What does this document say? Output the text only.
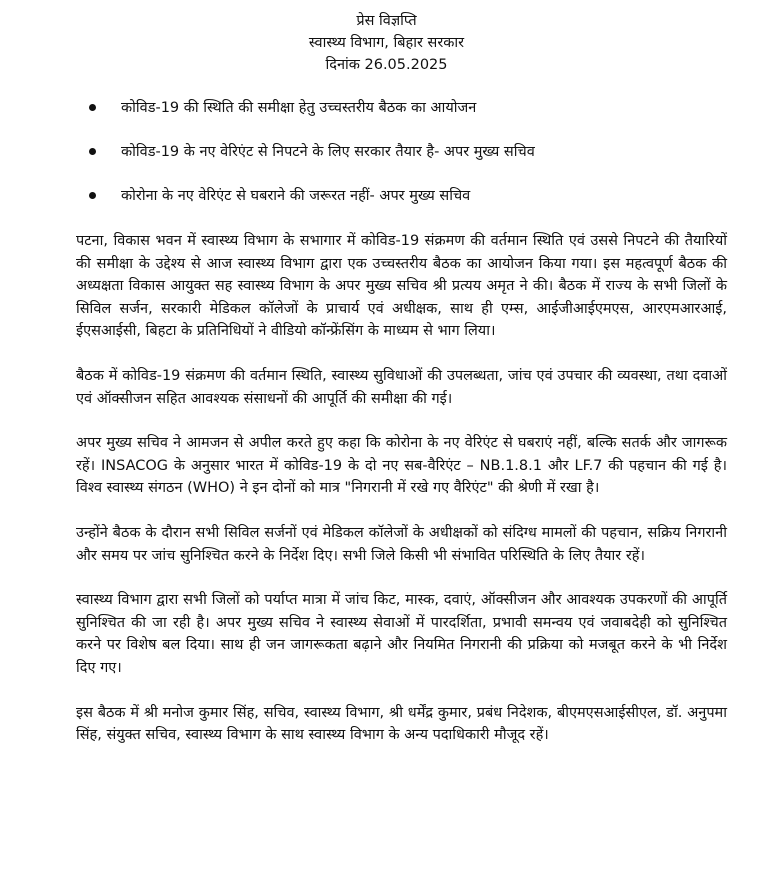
प्रेस विज्ञप्ति
स्वास्थ्य विभाग, बिहार सरकार
दिनांक 26.05.2025
कोविड-19 की स्थिति की समीक्षा हेतु उच्चस्तरीय बैठक का आयोजन
कोविड-19 के नए वेरिएंट से निपटने के लिए सरकार तैयार है- अपर मुख्य सचिव
कोरोना के नए वेरिएंट से घबराने की जरूरत नहीं- अपर मुख्य सचिव

पटना, विकास भवन में स्वास्थ्य विभाग के सभागार में कोविड-19 संक्रमण की वर्तमान स्थिति एवं उससे निपटने की तैयारियों की समीक्षा के उद्देश्य से आज स्वास्थ्य विभाग द्वारा एक उच्चस्तरीय बैठक का आयोजन किया गया। इस महत्वपूर्ण बैठक की अध्यक्षता विकास आयुक्त सह स्वास्थ्य विभाग के अपर मुख्य सचिव श्री प्रत्यय अमृत ने की। बैठक में राज्य के सभी जिलों के सिविल सर्जन, सरकारी मेडिकल कॉलेजों के प्राचार्य एवं अधीक्षक, साथ ही एम्स, आईजीआईएमएस, आरएमआरआई, ईएसआईसी, बिहटा के प्रतिनिधियों ने वीडियो कॉन्फ्रेंसिंग के माध्यम से भाग लिया।

बैठक में कोविड-19 संक्रमण की वर्तमान स्थिति, स्वास्थ्य सुविधाओं की उपलब्धता, जांच एवं उपचार की व्यवस्था, तथा दवाओं एवं ऑक्सीजन सहित आवश्यक संसाधनों की आपूर्ति की समीक्षा की गई।

अपर मुख्य सचिव ने आमजन से अपील करते हुए कहा कि कोरोना के नए वेरिएंट से घबराएं नहीं, बल्कि सतर्क और जागरूक रहें। INSACOG के अनुसार भारत में कोविड-19 के दो नए सब-वैरिएंट – NB.1.8.1 और LF.7 की पहचान की गई है। विश्व स्वास्थ्य संगठन (WHO) ने इन दोनों को मात्र "निगरानी में रखे गए वैरिएंट" की श्रेणी में रखा है।

उन्होंने बैठक के दौरान सभी सिविल सर्जनों एवं मेडिकल कॉलेजों के अधीक्षकों को संदिग्ध मामलों की पहचान, सक्रिय निगरानी और समय पर जांच सुनिश्चित करने के निर्देश दिए। सभी जिले किसी भी संभावित परिस्थिति के लिए तैयार रहें।

स्वास्थ्य विभाग द्वारा सभी जिलों को पर्याप्त मात्रा में जांच किट, मास्क, दवाएं, ऑक्सीजन और आवश्यक उपकरणों की आपूर्ति सुनिश्चित की जा रही है। अपर मुख्य सचिव ने स्वास्थ्य सेवाओं में पारदर्शिता, प्रभावी समन्वय एवं जवाबदेही को सुनिश्चित करने पर विशेष बल दिया। साथ ही जन जागरूकता बढ़ाने और नियमित निगरानी की प्रक्रिया को मजबूत करने के भी निर्देश दिए गए।

इस बैठक में श्री मनोज कुमार सिंह, सचिव, स्वास्थ्य विभाग, श्री धर्मेंद्र कुमार, प्रबंध निदेशक, बीएमएसआईसीएल, डॉ. अनुपमा सिंह, संयुक्त सचिव, स्वास्थ्य विभाग के साथ स्वास्थ्य विभाग के अन्य पदाधिकारी मौजूद रहें।
